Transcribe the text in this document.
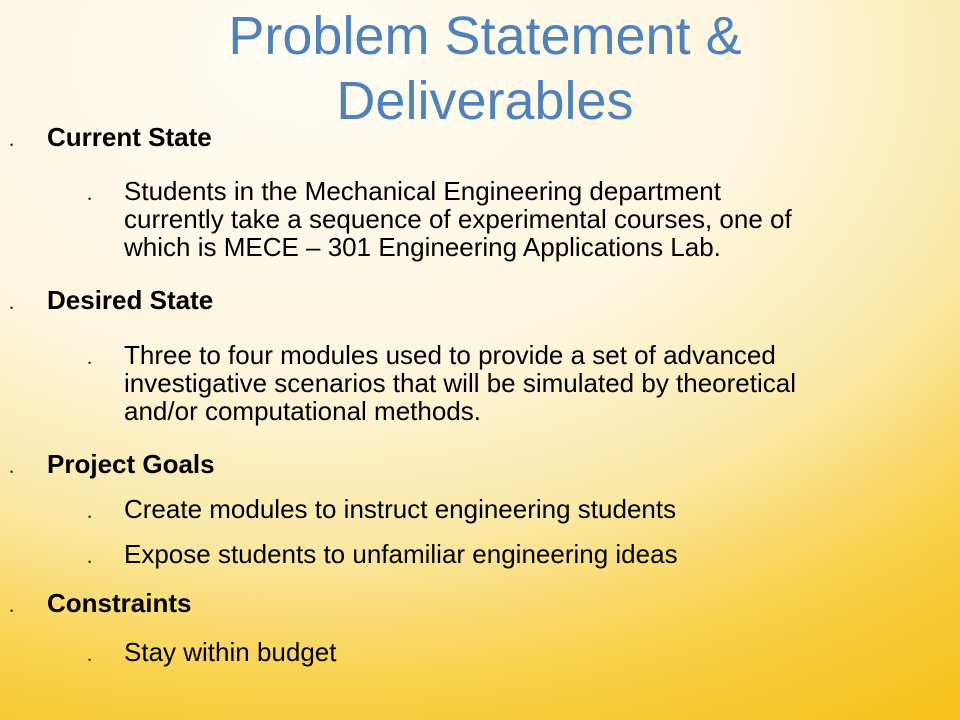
Problem Statement &
Deliverables
• Current State
• Students in the Mechanical Engineering department
currently take a sequence of experimental courses, one of
which is MECE – 301 Engineering Applications Lab.
• Desired State
• Three to four modules used to provide a set of advanced
investigative scenarios that will be simulated by theoretical
and/or computational methods.
• Project Goals
• Create modules to instruct engineering students
• Expose students to unfamiliar engineering ideas
• Constraints
• Stay within budget
